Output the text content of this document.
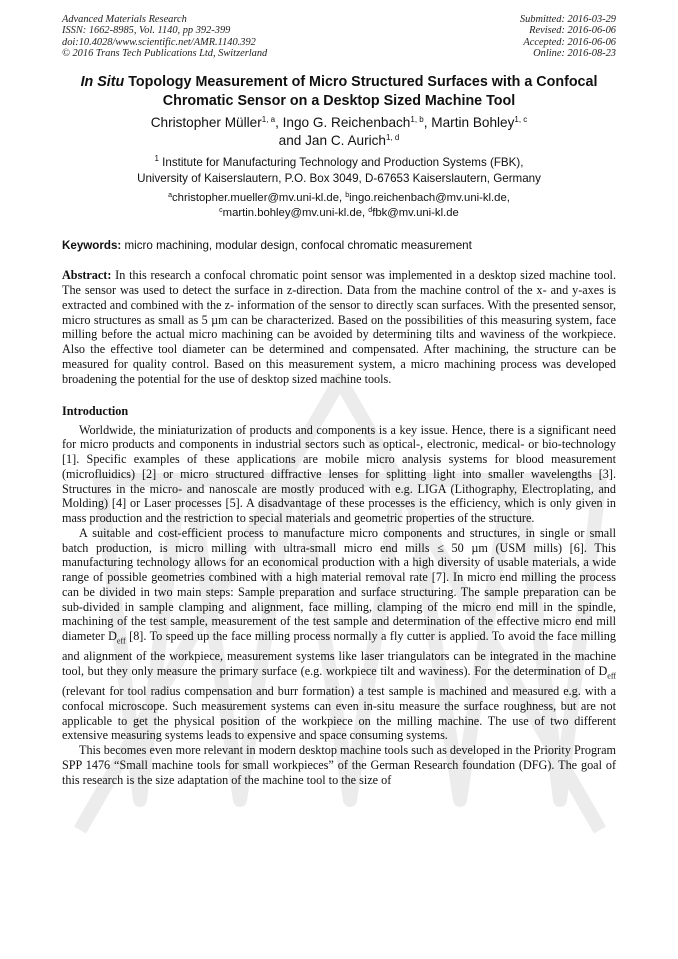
Advanced Materials Research
ISSN: 1662-8985, Vol. 1140, pp 392-399
doi:10.4028/www.scientific.net/AMR.1140.392
© 2016 Trans Tech Publications Ltd, Switzerland
Submitted: 2016-03-29
Revised: 2016-06-06
Accepted: 2016-06-06
Online: 2016-08-23
In Situ Topology Measurement of Micro Structured Surfaces with a Confocal Chromatic Sensor on a Desktop Sized Machine Tool
Christopher Müller$^{1, a}$, Ingo G. Reichenbach$^{1, b}$, Martin Bohley$^{1, c}$
and Jan C. Aurich$^{1, d}$
$^1$ Institute for Manufacturing Technology and Production Systems (FBK),
University of Kaiserslautern, P.O. Box 3049, D-67653 Kaiserslautern, Germany
$^a$christopher.mueller@mv.uni-kl.de, $^b$ingo.reichenbach@mv.uni-kl.de,
$^c$martin.bohley@mv.uni-kl.de, $^d$fbk@mv.uni-kl.de
Keywords: micro machining, modular design, confocal chromatic measurement
Abstract: In this research a confocal chromatic point sensor was implemented in a desktop sized machine tool. The sensor was used to detect the surface in z-direction. Data from the machine control of the x- and y-axes is extracted and combined with the z- information of the sensor to directly scan surfaces. With the presented sensor, micro structures as small as 5 µm can be characterized. Based on the possibilities of this measuring system, face milling before the actual micro machining can be avoided by determining tilts and waviness of the workpiece. Also the effective tool diameter can be determined and compensated. After machining, the structure can be measured for quality control. Based on this measurement system, a micro machining process was developed broadening the potential for the use of desktop sized machine tools.
Introduction

Worldwide, the miniaturization of products and components is a key issue. Hence, there is a significant need for micro products and components in industrial sectors such as optical-, electronic, medical- or bio-technology [1]. Specific examples of these applications are mobile micro analysis systems for blood measurement (microfluidics) [2] or micro structured diffractive lenses for splitting light into smaller wavelengths [3]. Structures in the micro- and nanoscale are mostly produced with e.g. LIGA (Lithography, Electroplating, and Molding) [4] or Laser processes [5]. A disadvantage of these processes is the efficiency, which is only given in mass production and the restriction to special materials and geometric properties of the structure.

A suitable and cost-efficient process to manufacture micro components and structures, in single or small batch production, is micro milling with ultra-small micro end mills ≤ 50 µm (USM mills) [6]. This manufacturing technology allows for an economical production with a high diversity of usable materials, a wide range of possible geometries combined with a high material removal rate [7]. In micro end milling the process can be divided in two main steps: Sample preparation and surface structuring. The sample preparation can be sub-divided in sample clamping and alignment, face milling, clamping of the micro end mill in the spindle, machining of the test sample, measurement of the test sample and determination of the effective micro end mill diameter $D_{eff}$ [8]. To speed up the face milling process normally a fly cutter is applied. To avoid the face milling and alignment of the workpiece, measurement systems like laser triangulators can be integrated in the machine tool, but they only measure the primary surface (e.g. workpiece tilt and waviness). For the determination of $D_{eff}$ (relevant for tool radius compensation and burr formation) a test sample is machined and measured e.g. with a confocal microscope. Such measurement systems can even in-situ measure the surface roughness, but are not applicable to get the physical position of the workpiece on the milling machine. The use of two different extensive measuring systems leads to expensive and space consuming systems.

This becomes even more relevant in modern desktop machine tools such as developed in the Priority Program SPP 1476 “Small machine tools for small workpieces” of the German Research foundation (DFG). The goal of this research is the size adaptation of the machine tool to the size of
